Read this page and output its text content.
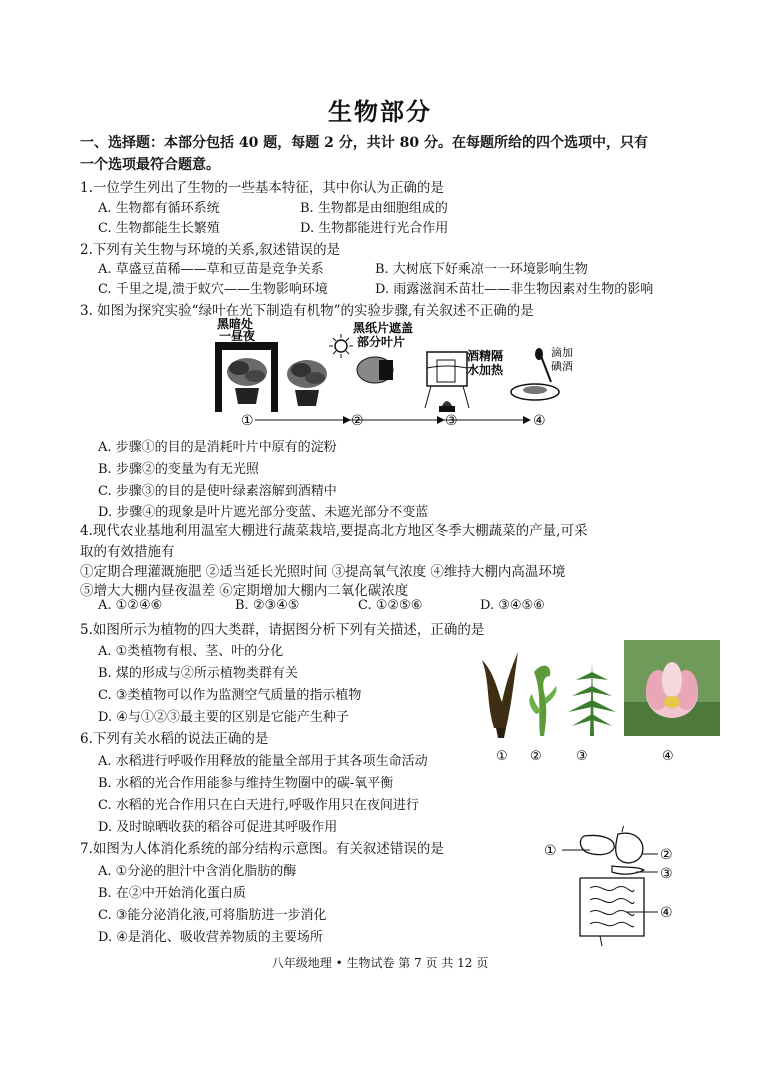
生物部分
一、选择题：本部分包括 40 题，每题 2 分，共计 80 分。在每题所给的四个选项中，只有
一个选项最符合题意。
1.一位学生列出了生物的一些基本特征，其中你认为正确的是
A. 生物都有循环系统	B. 生物都是由细胞组成的
C. 生物都能生长繁殖	D. 生物都能进行光合作用
2.下列有关生物与环境的关系,叙述错误的是
A. 草盛豆苗稀——草和豆苗是竞争关系	B. 大树底下好乘凉一一环境影响生物
C. 千里之堤,溃于蚁穴——生物影响环境	D. 雨露滋润禾苗壮——非生物因素对生物的影响
3. 如图为探究实验“绿叶在光下制造有机物”的实验步骤,有关叙述不正确的是
黑暗处
一昼夜
黑纸片遮盖
部分叶片
酒精隔
水加热
滴加
碘酒
①	②	③	④
A. 步骤①的目的是消耗叶片中原有的淀粉
B. 步骤②的变量为有无光照
C. 步骤③的目的是使叶绿素溶解到酒精中
D. 步骤④的现象是叶片遮光部分变蓝、未遮光部分不变蓝
4.现代农业基地利用温室大棚进行蔬菜栽培,要提高北方地区冬季大棚蔬菜的产量,可采
取的有效措施有
①定期合理灌溉施肥 ②适当延长光照时间 ③提高氧气浓度 ④维持大棚内高温环境
⑤增大大棚内昼夜温差 ⑥定期增加大棚内二氧化碳浓度
A. ①②④⑥	B. ②③④⑤	C. ①②⑤⑥	D. ③④⑤⑥
5.如图所示为植物的四大类群，请据图分析下列有关描述，正确的是
A. ①类植物有根、茎、叶的分化
B. 煤的形成与②所示植物类群有关
C. ③类植物可以作为监测空气质量的指示植物
D. ④与①②③最主要的区别是它能产生种子
① ②	③	④
6.下列有关水稻的说法正确的是
A. 水稻进行呼吸作用释放的能量全部用于其各项生命活动
B. 水稻的光合作用能参与维持生物圈中的碳-氧平衡
C. 水稻的光合作用只在白天进行,呼吸作用只在夜间进行
D. 及时晾晒收获的稻谷可促进其呼吸作用
7.如图为人体消化系统的部分结构示意图。有关叙述错误的是
A. ①分泌的胆汁中含消化脂肪的酶
B. 在②中开始消化蛋白质
C. ③能分泌消化液,可将脂肪进一步消化
D. ④是消化、吸收营养物质的主要场所
①	②
③
④
八年级地理 • 生物试卷 第 7 页 共 12 页
